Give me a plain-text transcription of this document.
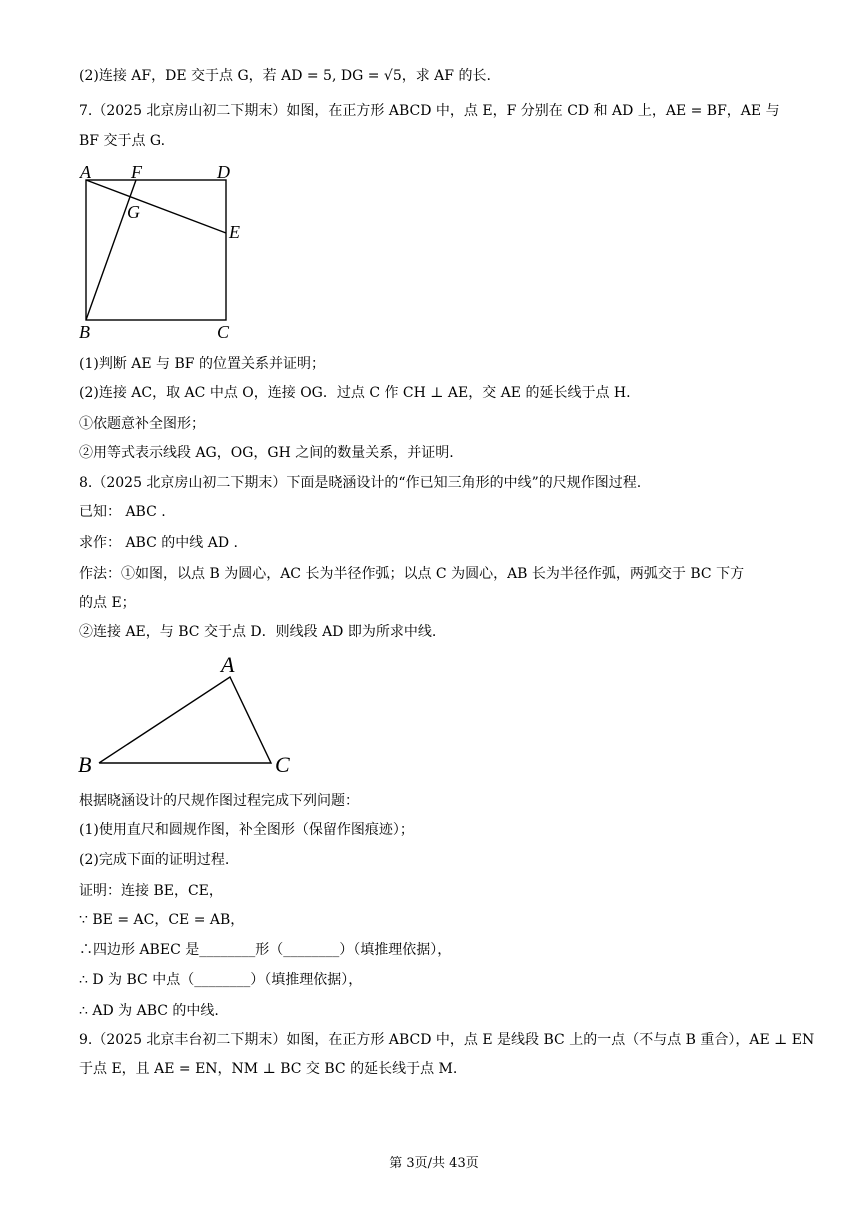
(2)连接 AF，DE 交于点 G，若 AD = 5, DG = √5，求 AF 的长.
7.（2025 北京房山初二下期末）如图，在正方形 ABCD 中，点 E，F 分别在 CD 和 AD 上，AE = BF，AE 与
BF 交于点 G.
A F	D
G
E
B	C
(1)判断 AE 与 BF 的位置关系并证明；
(2)连接 AC，取 AC 中点 O，连接 OG．过点 C 作 CH ⊥ AE，交 AE 的延长线于点 H.
①依题意补全图形；
②用等式表示线段 AG，OG，GH 之间的数量关系，并证明.
8.（2025 北京房山初二下期末）下面是晓涵设计的“作已知三角形的中线”的尺规作图过程.
已知： ABC .
求作： ABC 的中线 AD .
作法：①如图，以点 B 为圆心，AC 长为半径作弧；以点 C 为圆心，AB 长为半径作弧，两弧交于 BC 下方
的点 E；
②连接 AE，与 BC 交于点 D．则线段 AD 即为所求中线.
A
B	C
根据晓涵设计的尺规作图过程完成下列问题：
(1)使用直尺和圆规作图，补全图形（保留作图痕迹）；
(2)完成下面的证明过程.
证明：连接 BE，CE，
∵ BE = AC，CE = AB，
∴四边形 ABEC 是________形（________）（填推理依据），
∴ D 为 BC 中点（________）（填推理依据），
∴ AD 为 ABC 的中线.
9.（2025 北京丰台初二下期末）如图，在正方形 ABCD 中，点 E 是线段 BC 上的一点（不与点 B 重合），AE ⊥ EN
于点 E，且 AE = EN，NM ⊥ BC 交 BC 的延长线于点 M.
第 3页/共 43页
